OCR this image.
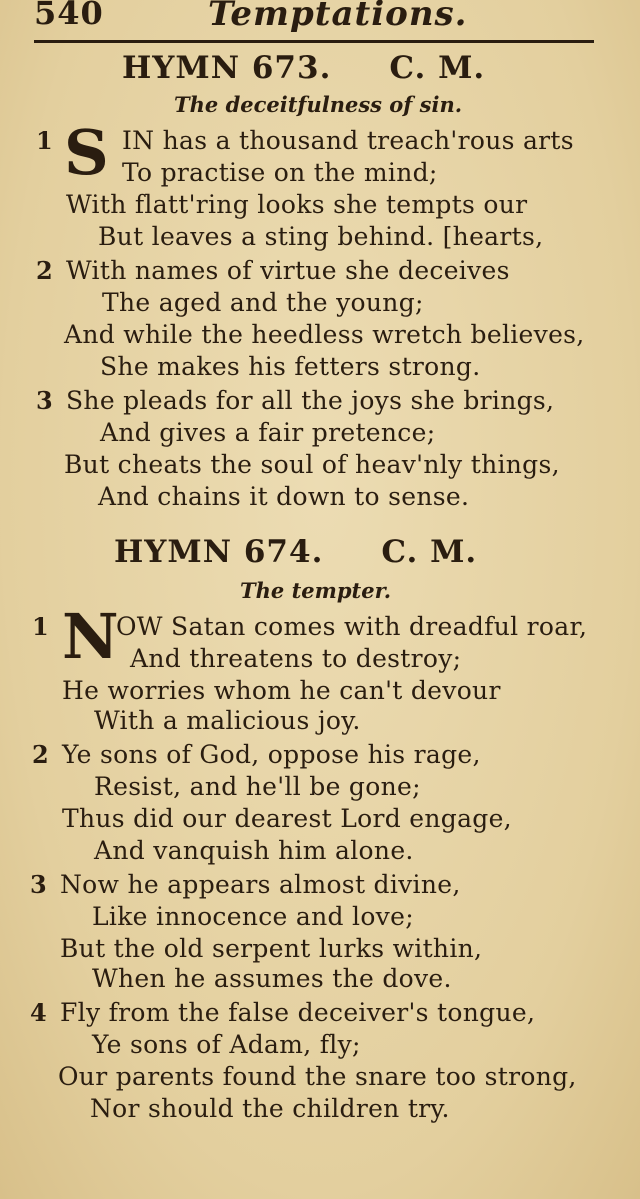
540	Temptations.
HYMN 673. C. M.
The deceitfulness of sin.
1 S IN has a thousand treach'rous arts
To practise on the mind;
With flatt'ring looks she tempts our
But leaves a sting behind. [hearts,
2 With names of virtue she deceives
The aged and the young;
And while the heedless wretch believes,
She makes his fetters strong.
3 She pleads for all the joys she brings,
And gives a fair pretence;
But cheats the soul of heav'nly things,
And chains it down to sense.
HYMN 674. C. M.
The tempter.
1 N
OW Satan comes with dreadful roar,
And threatens to destroy;
He worries whom he can't devour
With a malicious joy.
2 Ye sons of God, oppose his rage,
Resist, and he'll be gone;
Thus did our dearest Lord engage,
And vanquish him alone.
3 Now he appears almost divine,
Like innocence and love;
But the old serpent lurks within,
When he assumes the dove.
4 Fly from the false deceiver's tongue,
Ye sons of Adam, fly;
Our parents found the snare too strong,
Nor should the children try.
